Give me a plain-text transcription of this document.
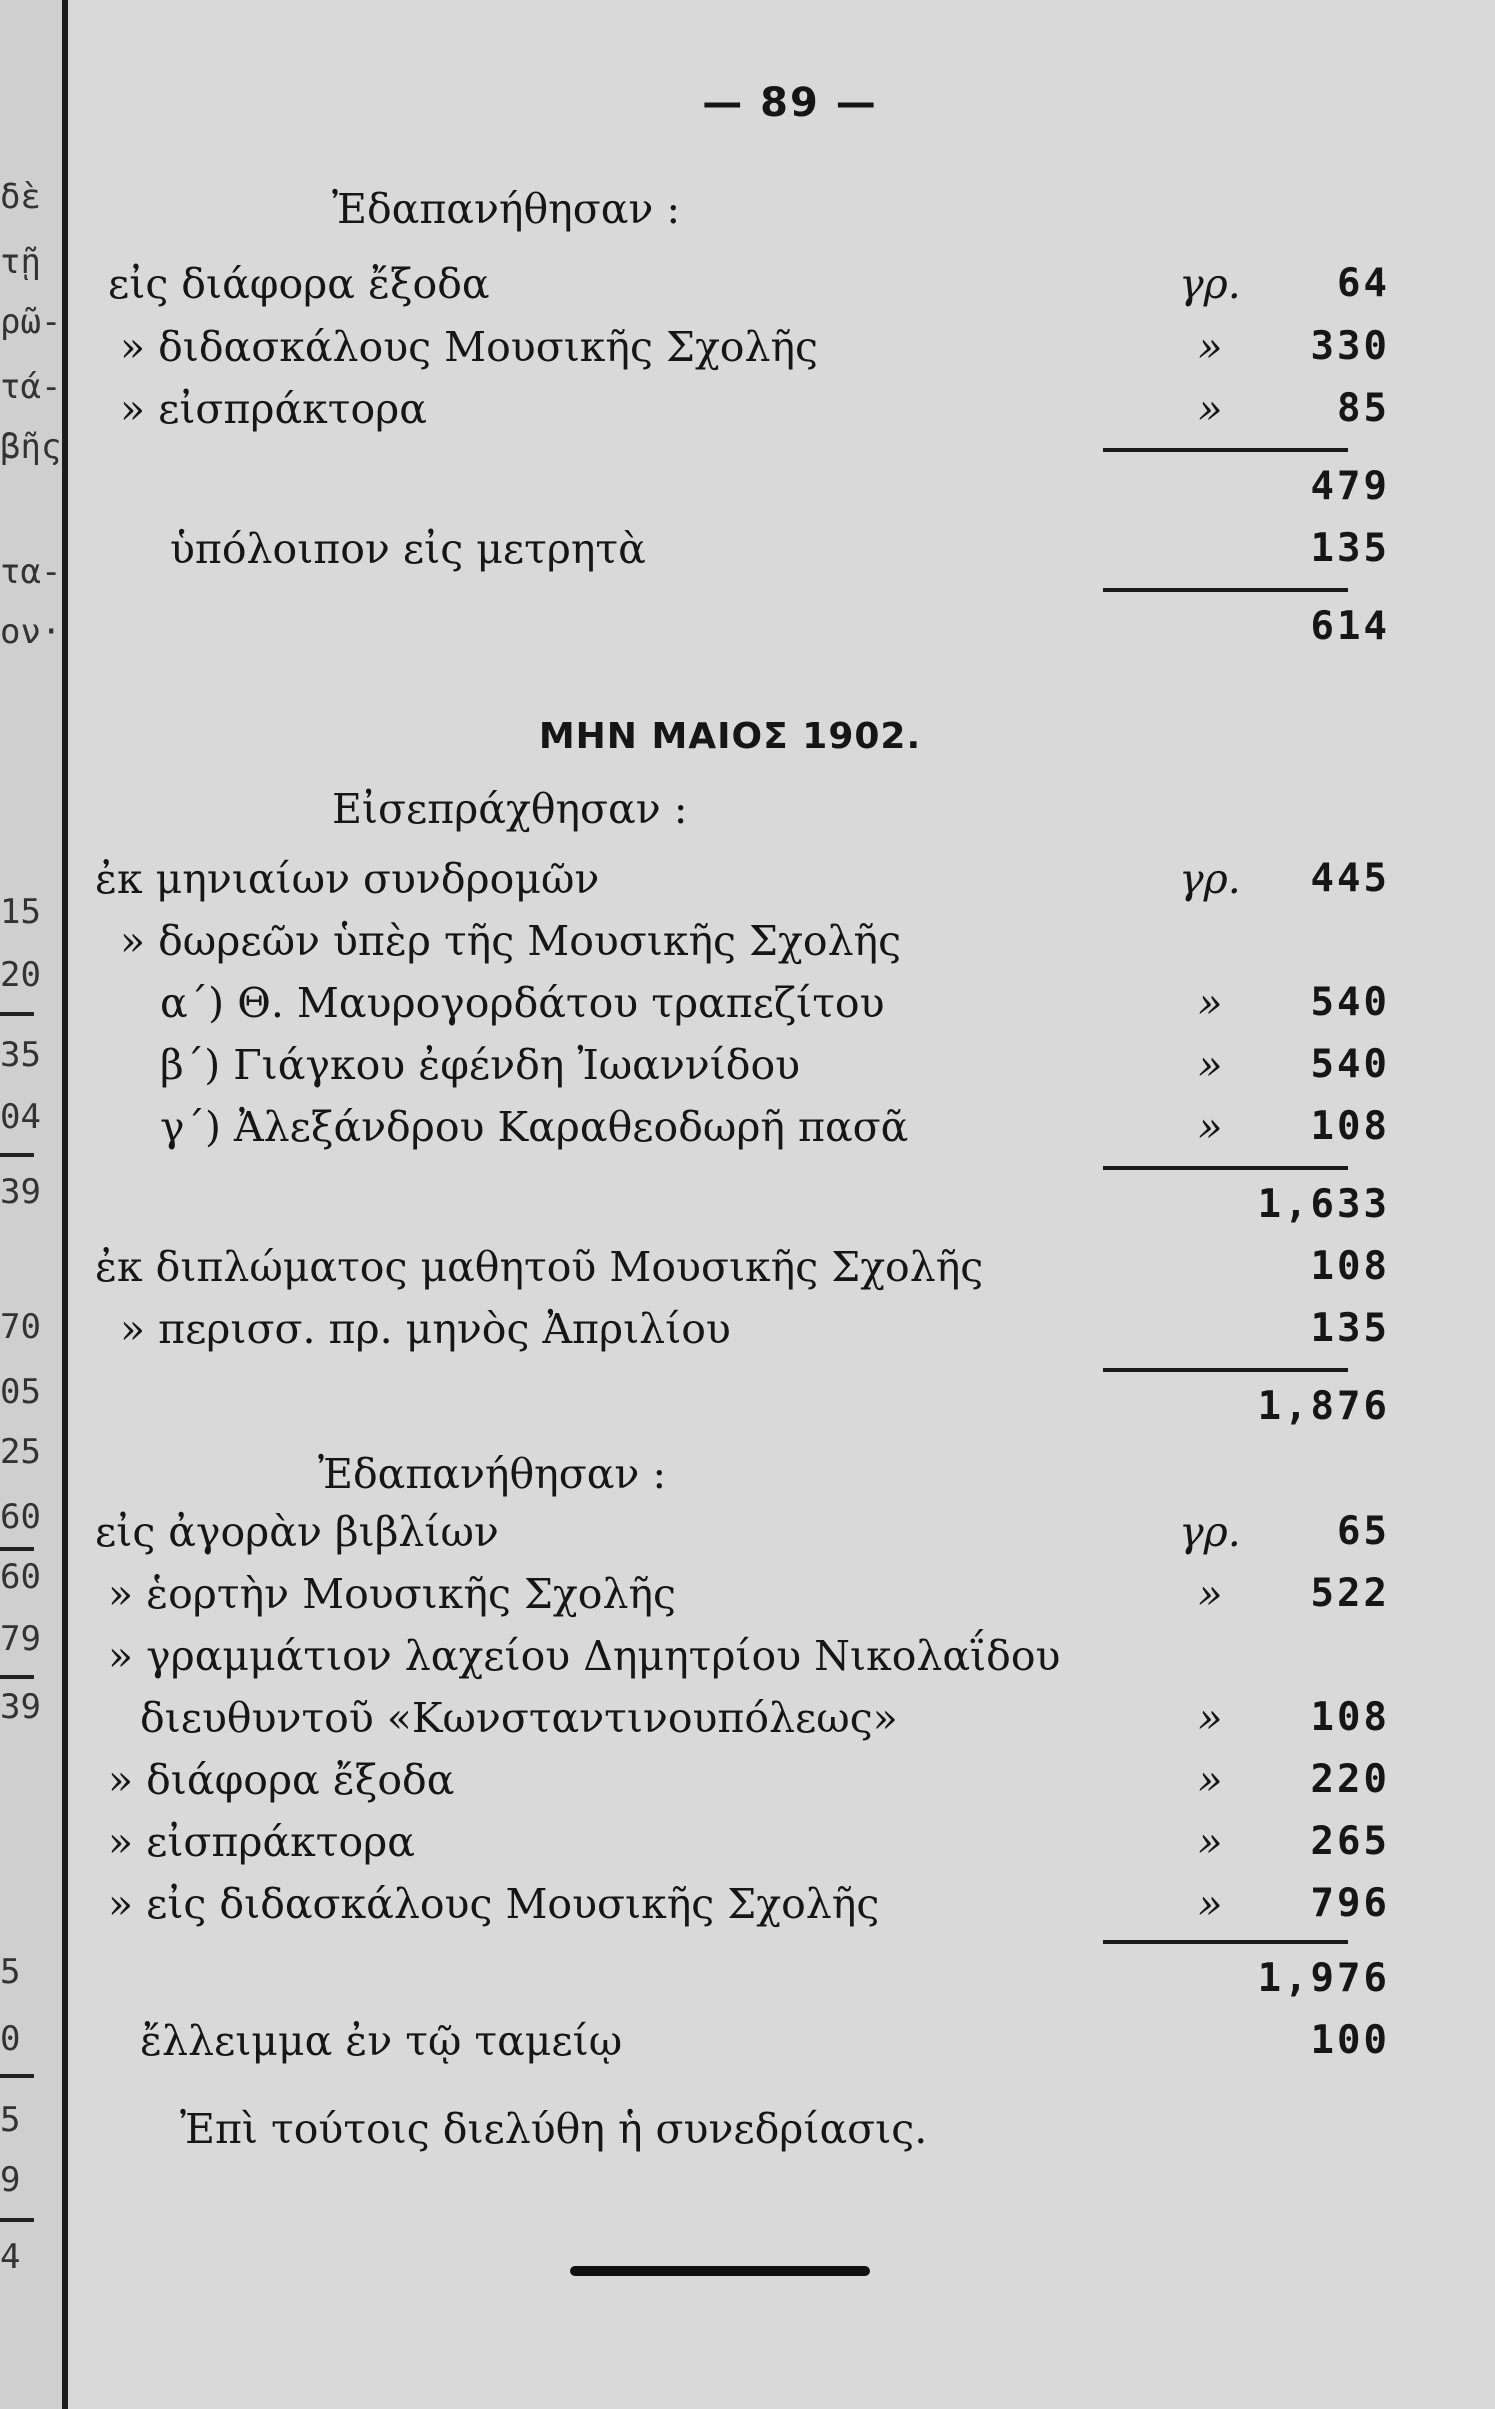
δὲ
τῇ
ρῶ-
τά-
βῆς
τα-
ον·
15
20
35
04
39
70
05
25
60
60
79
39
5
0
5
9
4
— 89 —
Ἐδαπανήθησαν :
εἰς διάφορα ἔξοδα	γρ.	64
» διδασκάλους Μουσικῆς Σχολῆς	»	330
» εἰσπράκτορα	»	85
479
ὑπόλοιπον εἰς μετρητὰ	135
614
ΜΗΝ ΜΑΙΟΣ 1902.
Εἰσεπράχθησαν :
ἐκ μηνιαίων συνδρομῶν	γρ.	445
» δωρεῶν ὑπὲρ τῆς Μουσικῆς Σχολῆς
α΄) Θ. Μαυρογορδάτου τραπεζίτου	»	540
β΄) Γιάγκου ἐφένδη Ἰωαννίδου	»	540
γ΄) Ἀλεξάνδρου Καραθεοδωρῆ πασᾶ	»	108
1,633
ἐκ διπλώματος μαθητοῦ Μουσικῆς Σχολῆς	108
» περισσ. πρ. μηνὸς Ἀπριλίου	135
1,876
Ἐδαπανήθησαν :
εἰς ἀγορὰν βιβλίων	γρ.	65
» ἑορτὴν Μουσικῆς Σχολῆς	»	522
» γραμμάτιον λαχείου Δημητρίου Νικολαΐδου
διευθυντοῦ «Κωνσταντινουπόλεως»	»	108
» διάφορα ἔξοδα	»	220
» εἰσπράκτορα	»	265
» εἰς διδασκάλους Μουσικῆς Σχολῆς	»	796
1,976
ἔλλειμμα ἐν τῷ ταμείῳ	100
Ἐπὶ τούτοις διελύθη ἡ συνεδρίασις.
